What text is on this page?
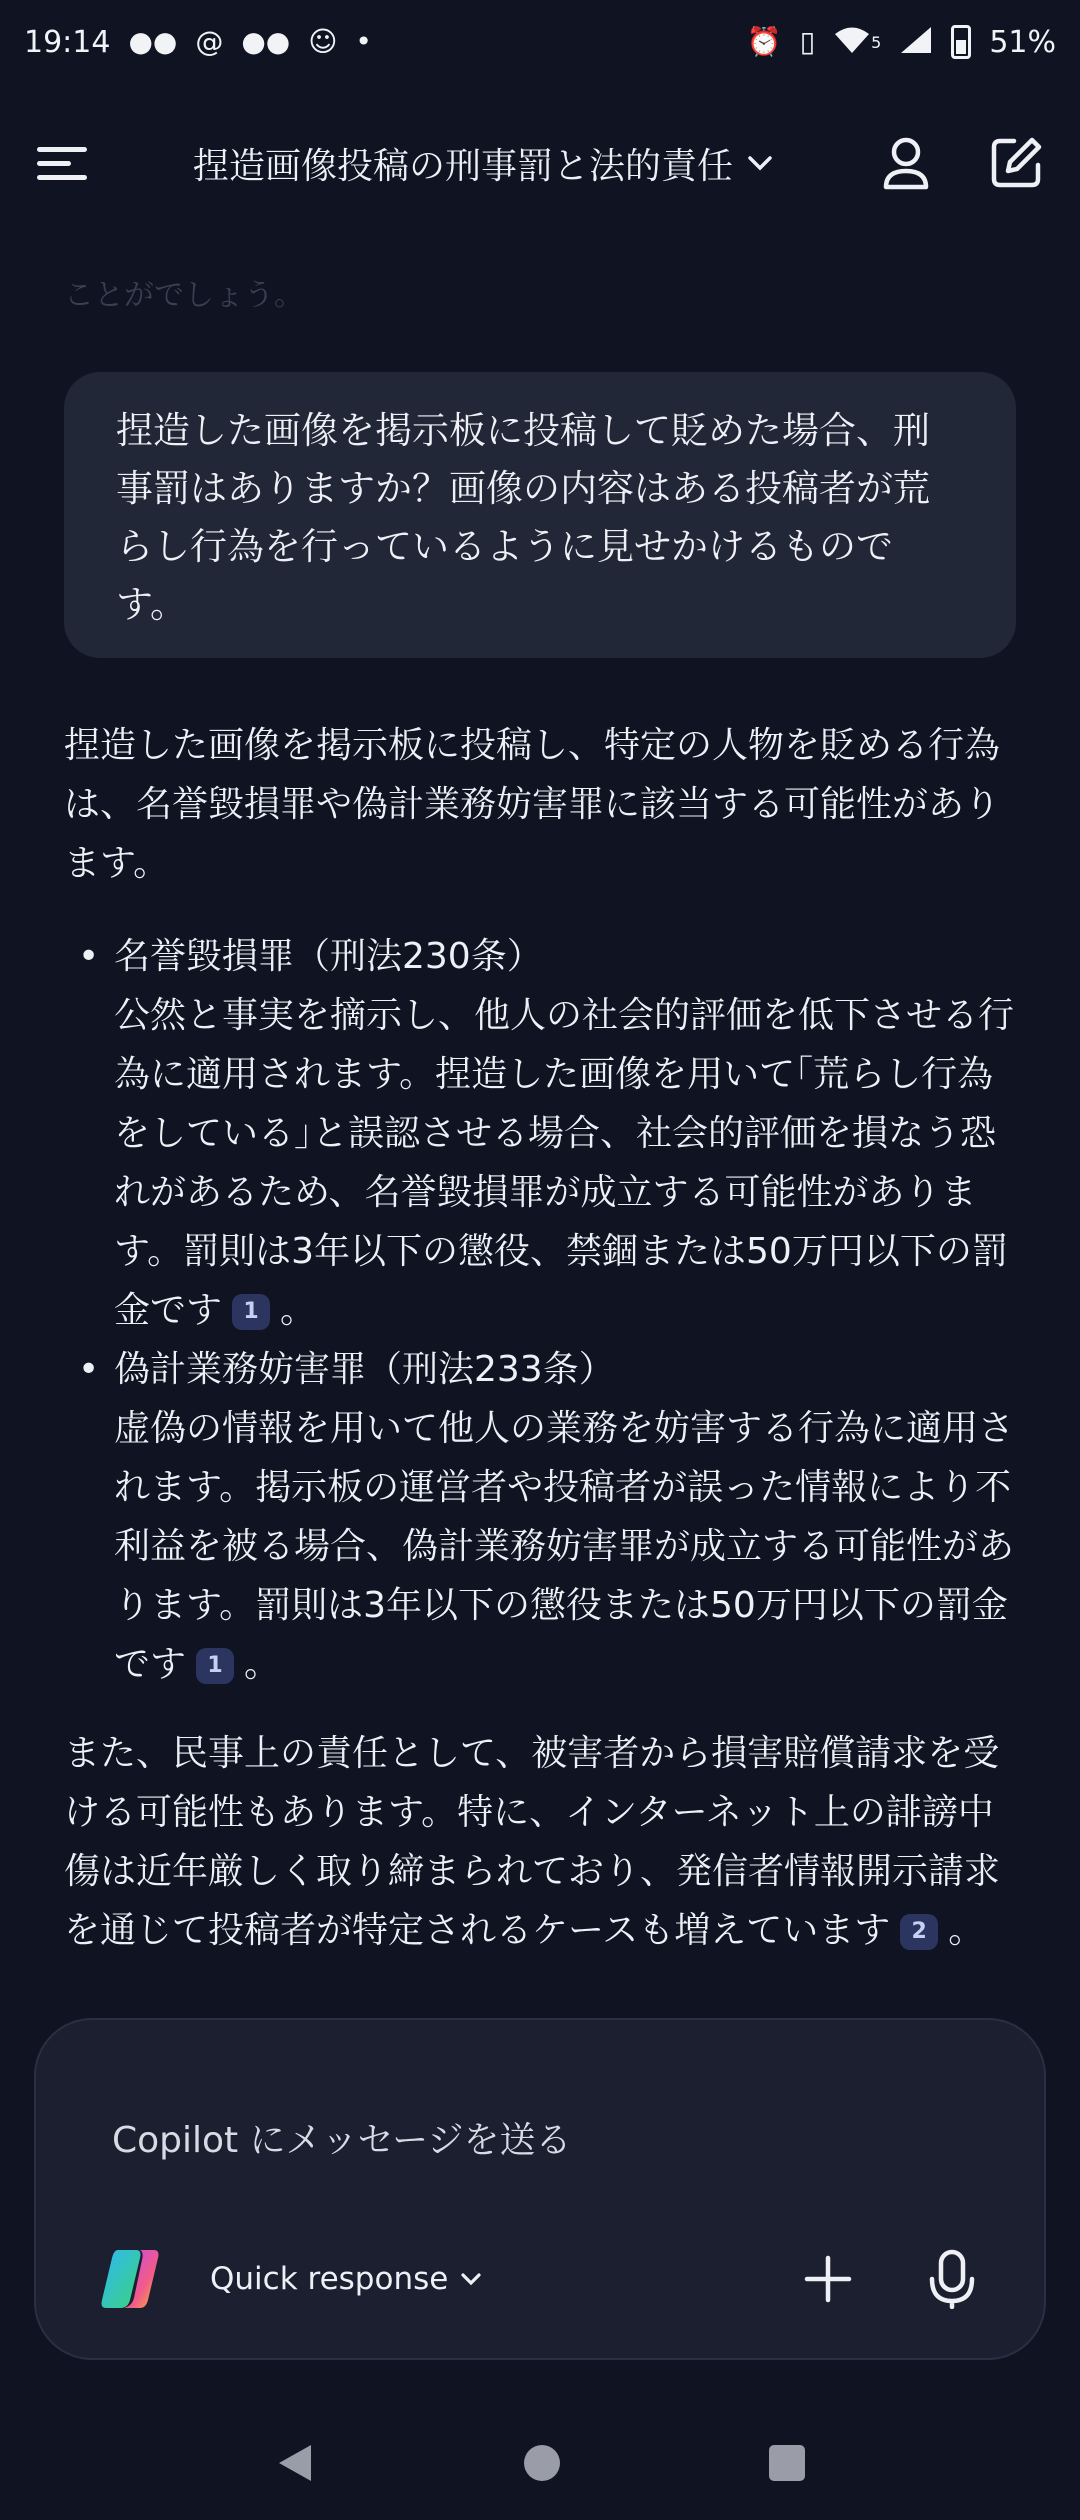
19:14 ●● @ ●● ☺ •	⏰ ▯	5	51%
捏造画像投稿の刑事罰と法的責任
ことがでしょう。
捏造した画像を掲示板に投稿して貶めた場合、刑事罰はありますか？画像の内容はある投稿者が荒らし行為を行っているように見せかけるものです。

捏造した画像を掲示板に投稿し、特定の人物を貶める行為は、名誉毀損罪や偽計業務妨害罪に該当する可能性があります。

• 名誉毀損罪（刑法230条）
公然と事実を摘示し、他人の社会的評価を低下させる行為に適用されます。捏造した画像を用いて｢荒らし行為をしている｣と誤認させる場合、社会的評価を損なう恐れがあるため、名誉毀損罪が成立する可能性があります。罰則は3年以下の懲役、禁錮または50万円以下の罰金です 1 。
• 偽計業務妨害罪（刑法233条）
虚偽の情報を用いて他人の業務を妨害する行為に適用されます。掲示板の運営者や投稿者が誤った情報により不利益を被る場合、偽計業務妨害罪が成立する可能性があります。罰則は3年以下の懲役または50万円以下の罰金です 1 。

また、民事上の責任として、被害者から損害賠償請求を受ける可能性もあります。特に、インターネット上の誹謗中傷は近年厳しく取り締まられており、発信者情報開示請求を通じて投稿者が特定されるケースも増えています 2 。

Copilot にメッセージを送る
Quick response
